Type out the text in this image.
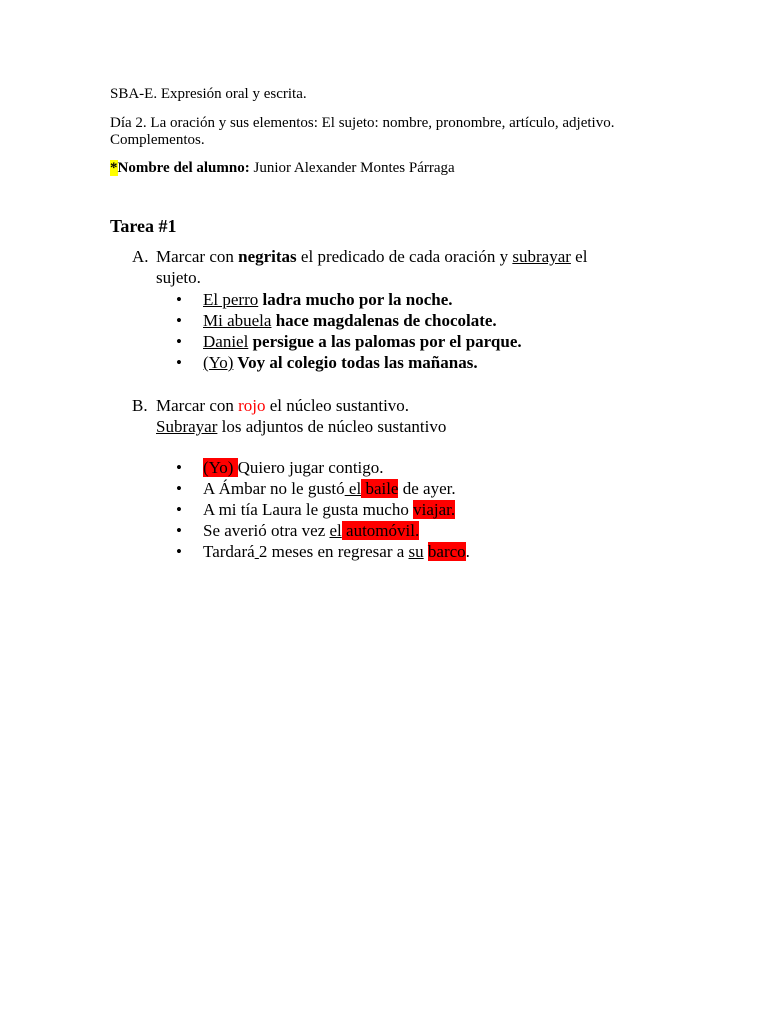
SBA-E. Expresión oral y escrita.
Día 2. La oración y sus elementos: El sujeto: nombre, pronombre, artículo, adjetivo. Complementos.
*Nombre del alumno: Junior Alexander Montes Párraga
Tarea #1
A. Marcar con negritas el predicado de cada oración y subrayar el sujeto.
• El perro ladra mucho por la noche.
• Mi abuela hace magdalenas de chocolate.
• Daniel persigue a las palomas por el parque.
• (Yo) Voy al colegio todas las mañanas.
B. Marcar con rojo el núcleo sustantivo.
Subrayar los adjuntos de núcleo sustantivo
• (Yo) Quiero jugar contigo.
• A Ámbar no le gustó el baile de ayer.
• A mi tía Laura le gusta mucho viajar.
• Se averió otra vez el automóvil.
• Tardará 2 meses en regresar a su barco.
